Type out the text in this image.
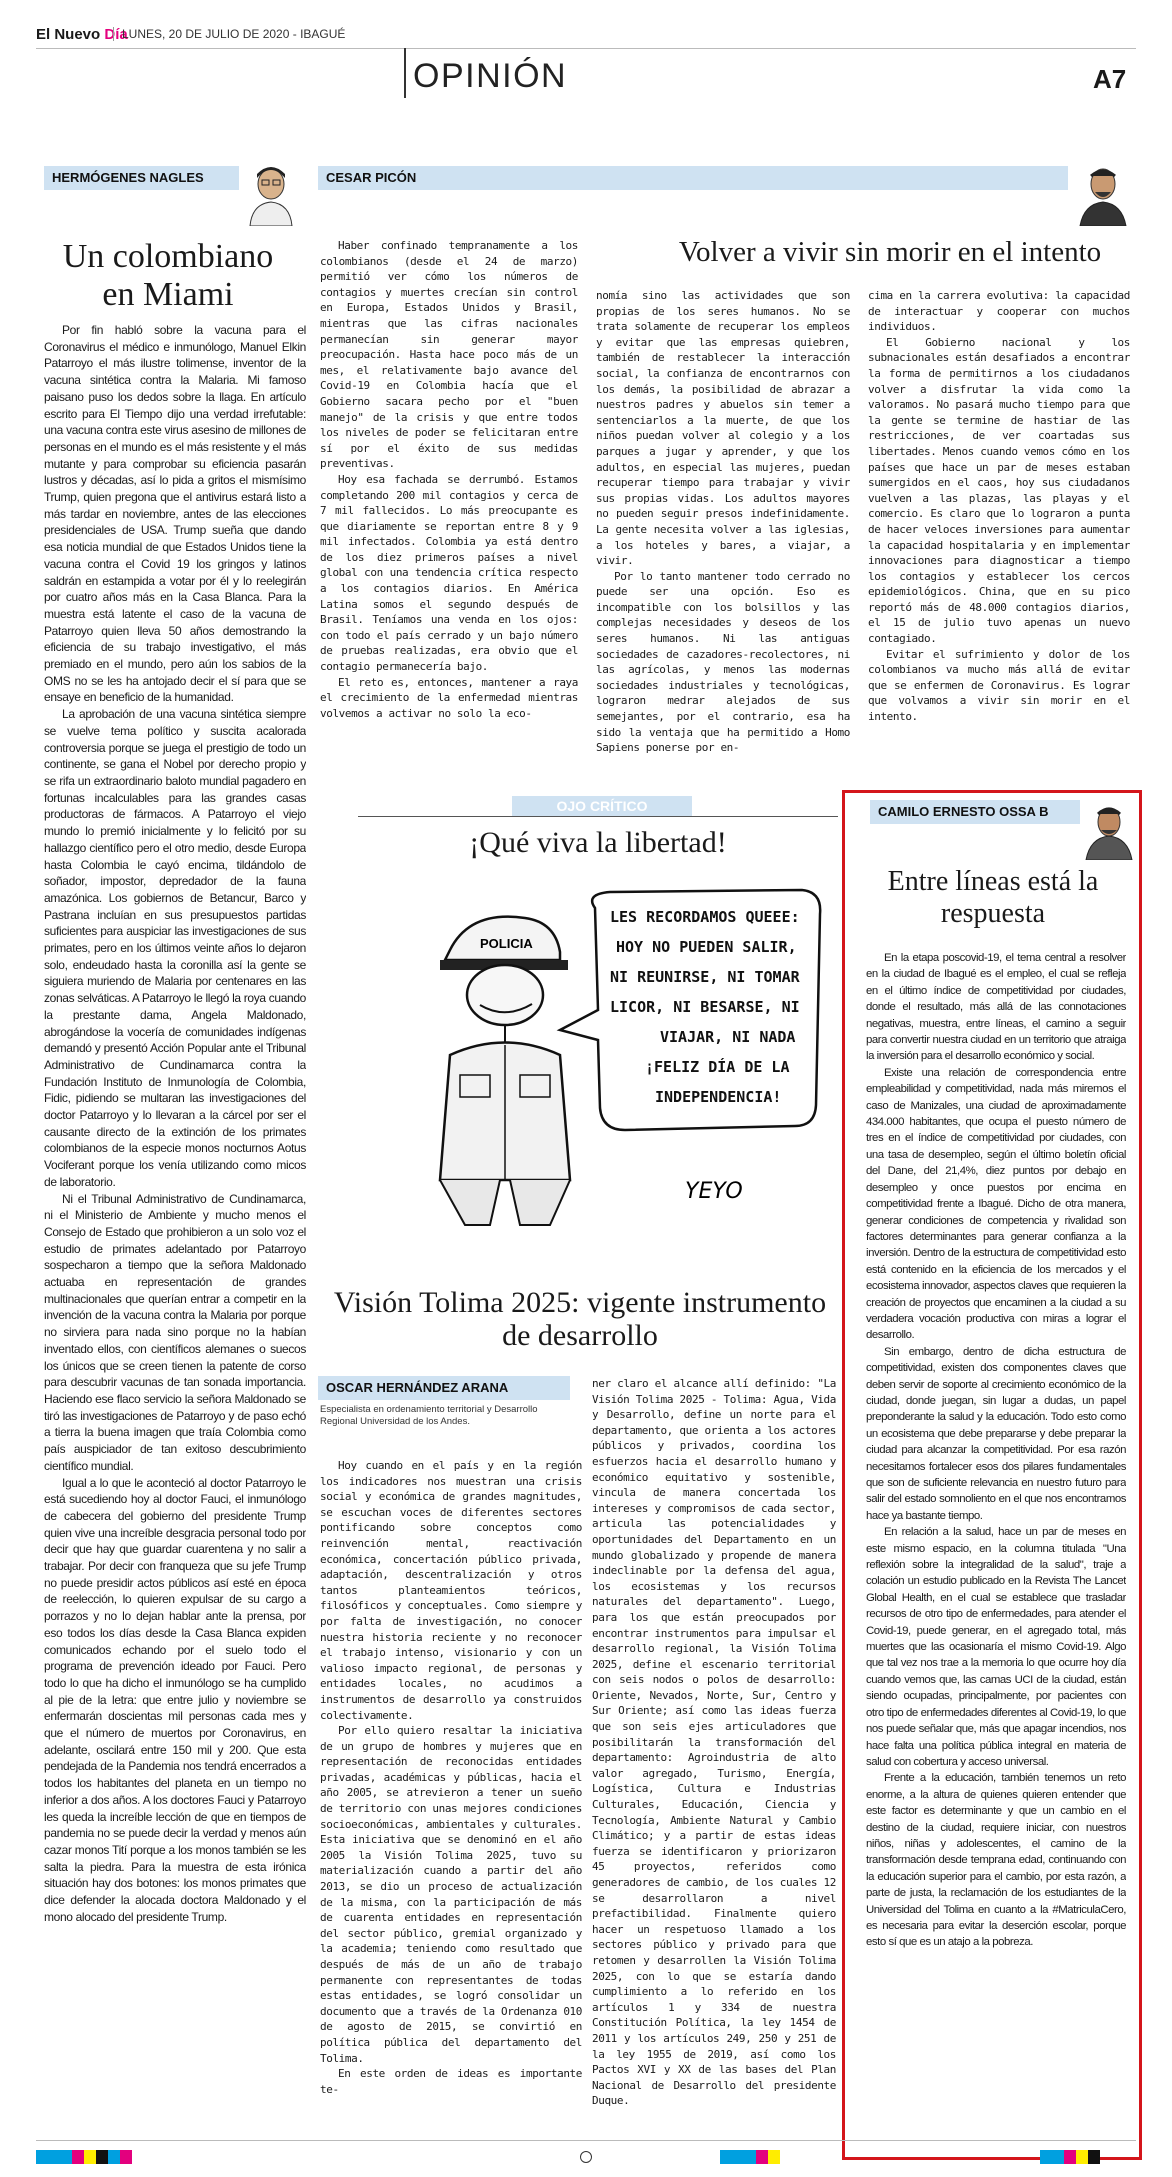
El Nuevo Día
LUNES, 20 DE JULIO DE 2020 - IBAGUÉ
OPINIÓN	A7
HERMÓGENES NAGLES
Un colombiano en Miami

Por fin habló sobre la vacuna para el Coronavirus el médico e inmunólogo, Manuel Elkin Patarroyo el más ilustre tolimense, inventor de la vacuna sintética contra la Malaria. Mi famoso paisano puso los dedos sobre la llaga. En artículo escrito para El Tiempo dijo una verdad irrefutable: una vacuna contra este virus asesino de millones de personas en el mundo es el más resistente y el más mutante y para comprobar su eficiencia pasarán lustros y décadas, así lo pida a gritos el mismísimo Trump, quien pregona que el antivirus estará listo a más tardar en noviembre, antes de las elecciones presidenciales de USA. Trump sueña que dando esa noticia mundial de que Estados Unidos tiene la vacuna contra el Covid 19 los gringos y latinos saldrán en estampida a votar por él y lo reelegirán por cuatro años más en la Casa Blanca. Para la muestra está latente el caso de la vacuna de Patarroyo quien lleva 50 años demostrando la eficiencia de su trabajo investigativo, el más premiado en el mundo, pero aún los sabios de la OMS no se les ha antojado decir el sí para que se ensaye en beneficio de la humanidad.

La aprobación de una vacuna sintética siempre se vuelve tema político y suscita acalorada controversia porque se juega el prestigio de todo un continente, se gana el Nobel por derecho propio y se rifa un extraordinario baloto mundial pagadero en fortunas incalculables para las grandes casas productoras de fármacos. A Patarroyo el viejo mundo lo premió inicialmente y lo felicitó por su hallazgo científico pero el otro medio, desde Europa hasta Colombia le cayó encima, tildándolo de soñador, impostor, depredador de la fauna amazónica. Los gobiernos de Betancur, Barco y Pastrana incluían en sus presupuestos partidas suficientes para auspiciar las investigaciones de sus primates, pero en los últimos veinte años lo dejaron solo, endeudado hasta la coronilla así la gente se siguiera muriendo de Malaria por centenares en las zonas selváticas. A Patarroyo le llegó la roya cuando la prestante dama, Angela Maldonado, abrogándose la vocería de comunidades indígenas demandó y presentó Acción Popular ante el Tribunal Administrativo de Cundinamarca contra la Fundación Instituto de Inmunología de Colombia, Fidic, pidiendo se multaran las investigaciones del doctor Patarroyo y lo llevaran a la cárcel por ser el causante directo de la extinción de los primates colombianos de la especie monos nocturnos Aotus Vociferant porque los venía utilizando como micos de laboratorio.

Ni el Tribunal Administrativo de Cundinamarca, ni el Ministerio de Ambiente y mucho menos el Consejo de Estado que prohibieron a un solo voz el estudio de primates adelantado por Patarroyo sospecharon a tiempo que la señora Maldonado actuaba en representación de grandes multinacionales que querían entrar a competir en la invención de la vacuna contra la Malaria por porque no sirviera para nada sino porque no la habían inventado ellos, con científicos alemanes o suecos los únicos que se creen tienen la patente de corso para descubrir vacunas de tan sonada importancia. Haciendo ese flaco servicio la señora Maldonado se tiró las investigaciones de Patarroyo y de paso echó a tierra la buena imagen que traía Colombia como país auspiciador de tan exitoso descubrimiento científico mundial.

Igual a lo que le aconteció al doctor Patarroyo le está sucediendo hoy al doctor Fauci, el inmunólogo de cabecera del gobierno del presidente Trump quien vive una increíble desgracia personal todo por decir que hay que guardar cuarentena y no salir a trabajar. Por decir con franqueza que su jefe Trump no puede presidir actos públicos así esté en época de reelección, lo quieren expulsar de su cargo a porrazos y no lo dejan hablar ante la prensa, por eso todos los días desde la Casa Blanca expiden comunicados echando por el suelo todo el programa de prevención ideado por Fauci. Pero todo lo que ha dicho el inmunólogo se ha cumplido al pie de la letra: que entre julio y noviembre se enfermarán doscientas mil personas cada mes y que el número de muertos por Coronavirus, en adelante, oscilará entre 150 mil y 200. Que esta pendejada de la Pandemia nos tendrá encerrados a todos los habitantes del planeta en un tiempo no inferior a dos años. A los doctores Fauci y Patarroyo les queda la increíble lección de que en tiempos de pandemia no se puede decir la verdad y menos aún cazar monos Tití porque a los monos también se les salta la piedra. Para la muestra de esta irónica situación hay dos botones: los monos primates que dice defender la alocada doctora Maldonado y el mono alocado del presidente Trump.

CESAR PICÓN
Volver a vivir sin morir en el intento

Haber confinado tempranamente a los colombianos (desde el 24 de marzo) permitió ver cómo los números de contagios y muertes crecían sin control en Europa, Estados Unidos y Brasil, mientras que las cifras nacionales permanecían sin generar mayor preocupación. Hasta hace poco más de un mes, el relativamente bajo avance del Covid-19 en Colombia hacía que el Gobierno sacara pecho por el "buen manejo" de la crisis y que entre todos los niveles de poder se felicitaran entre sí por el éxito de sus medidas preventivas.

Hoy esa fachada se derrumbó. Estamos completando 200 mil contagios y cerca de 7 mil fallecidos. Lo más preocupante es que diariamente se reportan entre 8 y 9 mil infectados. Colombia ya está dentro de los diez primeros países a nivel global con una tendencia crítica respecto a los contagios diarios. En América Latina somos el segundo después de Brasil. Teníamos una venda en los ojos: con todo el país cerrado y un bajo número de pruebas realizadas, era obvio que el contagio permanecería bajo.

El reto es, entonces, mantener a raya el crecimiento de la enfermedad mientras volvemos a activar no solo la eco-

nomía sino las actividades que son propias de los seres humanos. No se trata solamente de recuperar los empleos y evitar que las empresas quiebren, también de restablecer la interacción social, la confianza de encontrarnos con los demás, la posibilidad de abrazar a nuestros padres y abuelos sin temer a sentenciarlos a la muerte, de que los niños puedan volver al colegio y a los parques a jugar y aprender, y que los adultos, en especial las mujeres, puedan recuperar tiempo para trabajar y vivir sus propias vidas. Los adultos mayores no pueden seguir presos indefinidamente. La gente necesita volver a las iglesias, a los hoteles y bares, a viajar, a vivir.

Por lo tanto mantener todo cerrado no puede ser una opción. Eso es incompatible con los bolsillos y las complejas necesidades y deseos de los seres humanos. Ni las antiguas sociedades de cazadores-recolectores, ni las agrícolas, y menos las modernas sociedades industriales y tecnológicas, lograron medrar alejados de sus semejantes, por el contrario, esa ha sido la ventaja que ha permitido a Homo Sapiens ponerse por en-

cima en la carrera evolutiva: la capacidad de interactuar y cooperar con muchos individuos.

El Gobierno nacional y los subnacionales están desafiados a encontrar la forma de permitirnos a los ciudadanos volver a disfrutar la vida como la valoramos. No pasará mucho tiempo para que la gente se termine de hastiar de las restricciones, de ver coartadas sus libertades. Menos cuando vemos cómo en los países que hace un par de meses estaban sumergidos en el caos, hoy sus ciudadanos vuelven a las plazas, las playas y el comercio. Es claro que lo lograron a punta de hacer veloces inversiones para aumentar la capacidad hospitalaria y en implementar innovaciones para diagnosticar a tiempo los contagios y establecer los cercos epidemiológicos. China, que en su pico reportó más de 48.000 contagios diarios, el 15 de julio tuvo apenas un nuevo contagiado.

Evitar el sufrimiento y dolor de los colombianos va mucho más allá de evitar que se enfermen de Coronavirus. Es lograr que volvamos a vivir sin morir en el intento.

OJO CRÍTICO
¡Qué viva la libertad!
LES RECORDAMOS QUEEE:
HOY NO PUEDEN SALIR,
NI REUNIRSE, NI TOMAR
LICOR, NI BESARSE, NI
VIAJAR, NI NADA
¡FELIZ DÍA DE LA
INDEPENDENCIA!
POLICIA
YEYO
Visión Tolima 2025: vigente instrumento de desarrollo
OSCAR HERNÁNDEZ ARANA
Especialista en ordenamiento territorial y Desarrollo Regional Universidad de los Andes.

Hoy cuando en el país y en la región los indicadores nos muestran una crisis social y económica de grandes magnitudes, se escuchan voces de diferentes sectores pontificando sobre conceptos como reinvención mental, reactivación económica, concertación público privada, adaptación, descentralización y otros tantos planteamientos teóricos, filosóficos y conceptuales. Como siempre y por falta de investigación, no conocer nuestra historia reciente y no reconocer el trabajo intenso, visionario y con un valioso impacto regional, de personas y entidades locales, no acudimos a instrumentos de desarrollo ya construidos colectivamente.

Por ello quiero resaltar la iniciativa de un grupo de hombres y mujeres que en representación de reconocidas entidades privadas, académicas y públicas, hacia el año 2005, se atrevieron a tener un sueño de territorio con unas mejores condiciones socioeconómicas, ambientales y culturales. Esta iniciativa que se denominó en el año 2005 la Visión Tolima 2025, tuvo su materialización cuando a partir del año 2013, se dio un proceso de actualización de la misma, con la participación de más de cuarenta entidades en representación del sector público, gremial organizado y la academia; teniendo como resultado que después de más de un año de trabajo permanente con representantes de todas estas entidades, se logró consolidar un documento que a través de la Ordenanza 010 de agosto de 2015, se convirtió en política pública del departamento del Tolima.

En este orden de ideas es importante te-

ner claro el alcance allí definido: "La Visión Tolima 2025 - Tolima: Agua, Vida y Desarrollo, define un norte para el departamento, que orienta a los actores públicos y privados, coordina los esfuerzos hacia el desarrollo humano y económico equitativo y sostenible, vincula de manera concertada los intereses y compromisos de cada sector, articula las potencialidades y oportunidades del Departamento en un mundo globalizado y propende de manera indeclinable por la defensa del agua, los ecosistemas y los recursos naturales del departamento". Luego, para los que están preocupados por encontrar instrumentos para impulsar el desarrollo regional, la Visión Tolima 2025, define el escenario territorial con seis nodos o polos de desarrollo: Oriente, Nevados, Norte, Sur, Centro y Sur Oriente; así como las ideas fuerza que son seis ejes articuladores que posibilitarán la transformación del departamento: Agroindustria de alto valor agregado, Turismo, Energía, Logística, Cultura e Industrias Culturales, Educación, Ciencia y Tecnología, Ambiente Natural y Cambio Climático; y a partir de estas ideas fuerza se identificaron y priorizaron 45 proyectos, referidos como generadores de cambio, de los cuales 12 se desarrollaron a nivel prefactibilidad. Finalmente quiero hacer un respetuoso llamado a los sectores público y privado para que retomen y desarrollen la Visión Tolima 2025, con lo que se estaría dando cumplimiento a lo referido en los artículos 1 y 334 de nuestra Constitución Política, la ley 1454 de 2011 y los artículos 249, 250 y 251 de la ley 1955 de 2019, así como los Pactos XVI y XX de las bases del Plan Nacional de Desarrollo del presidente Duque.

CAMILO ERNESTO OSSA B
Entre líneas está la respuesta

En la etapa poscovid-19, el tema central a resolver en la ciudad de Ibagué es el empleo, el cual se refleja en el último índice de competitividad por ciudades, donde el resultado, más allá de las connotaciones negativas, muestra, entre líneas, el camino a seguir para convertir nuestra ciudad en un territorio que atraiga la inversión para el desarrollo económico y social.

Existe una relación de correspondencia entre empleabilidad y competitividad, nada más miremos el caso de Manizales, una ciudad de aproximadamente 434.000 habitantes, que ocupa el puesto número de tres en el índice de competitividad por ciudades, con una tasa de desempleo, según el último boletín oficial del Dane, del 21,4%, diez puntos por debajo en desempleo y once puestos por encima en competitividad frente a Ibagué. Dicho de otra manera, generar condiciones de competencia y rivalidad son factores determinantes para generar confianza a la inversión. Dentro de la estructura de competitividad esto está contenido en la eficiencia de los mercados y el ecosistema innovador, aspectos claves que requieren la creación de proyectos que encaminen a la ciudad a su verdadera vocación productiva con miras a lograr el desarrollo.

Sin embargo, dentro de dicha estructura de competitividad, existen dos componentes claves que deben servir de soporte al crecimiento económico de la ciudad, donde juegan, sin lugar a dudas, un papel preponderante la salud y la educación. Todo esto como un ecosistema que debe prepararse y debe preparar la ciudad para alcanzar la competitividad. Por esa razón necesitamos fortalecer esos dos pilares fundamentales que son de suficiente relevancia en nuestro futuro para salir del estado somnoliento en el que nos encontramos hace ya bastante tiempo.

En relación a la salud, hace un par de meses en este mismo espacio, en la columna titulada "Una reflexión sobre la integralidad de la salud", traje a colación un estudio publicado en la Revista The Lancet Global Health, en el cual se establece que trasladar recursos de otro tipo de enfermedades, para atender el Covid-19, puede generar, en el agregado total, más muertes que las ocasionaría el mismo Covid-19. Algo que tal vez nos trae a la memoria lo que ocurre hoy día cuando vemos que, las camas UCI de la ciudad, están siendo ocupadas, principalmente, por pacientes con otro tipo de enfermedades diferentes al Covid-19, lo que nos puede señalar que, más que apagar incendios, nos hace falta una política pública integral en materia de salud con cobertura y acceso universal.

Frente a la educación, también tenemos un reto enorme, a la altura de quienes quieren entender que este factor es determinante y que un cambio en el destino de la ciudad, requiere iniciar, con nuestros niños, niñas y adolescentes, el camino de la transformación desde temprana edad, continuando con la educación superior para el cambio, por esta razón, a parte de justa, la reclamación de los estudiantes de la Universidad del Tolima en cuanto a la #MatriculaCero, es necesaria para evitar la deserción escolar, porque esto sí que es un atajo a la pobreza.
